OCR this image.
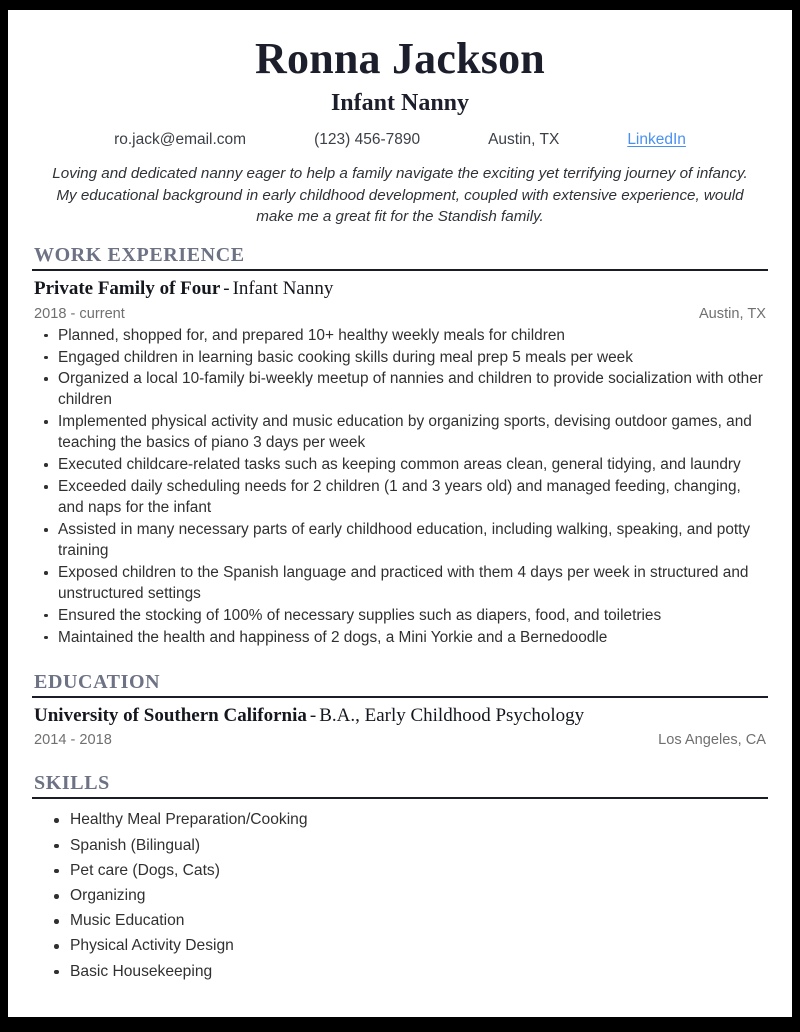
Ronna Jackson
Infant Nanny
ro.jack@email.com	(123) 456-7890	Austin, TX	LinkedIn
Loving and dedicated nanny eager to help a family navigate the exciting yet terrifying journey of infancy. My educational background in early childhood development, coupled with extensive experience, would make me a great fit for the Standish family.
WORK EXPERIENCE
Private Family of Four - Infant Nanny
2018 - current	Austin, TX
Planned, shopped for, and prepared 10+ healthy weekly meals for children
Engaged children in learning basic cooking skills during meal prep 5 meals per week
Organized a local 10-family bi-weekly meetup of nannies and children to provide socialization with other children
Implemented physical activity and music education by organizing sports, devising outdoor games, and teaching the basics of piano 3 days per week
Executed childcare-related tasks such as keeping common areas clean, general tidying, and laundry
Exceeded daily scheduling needs for 2 children (1 and 3 years old) and managed feeding, changing, and naps for the infant
Assisted in many necessary parts of early childhood education, including walking, speaking, and potty training
Exposed children to the Spanish language and practiced with them 4 days per week in structured and unstructured settings
Ensured the stocking of 100% of necessary supplies such as diapers, food, and toiletries
Maintained the health and happiness of 2 dogs, a Mini Yorkie and a Bernedoodle
EDUCATION
University of Southern California - B.A., Early Childhood Psychology
2014 - 2018	Los Angeles, CA
SKILLS
Healthy Meal Preparation/Cooking
Spanish (Bilingual)
Pet care (Dogs, Cats)
Organizing
Music Education
Physical Activity Design
Basic Housekeeping
